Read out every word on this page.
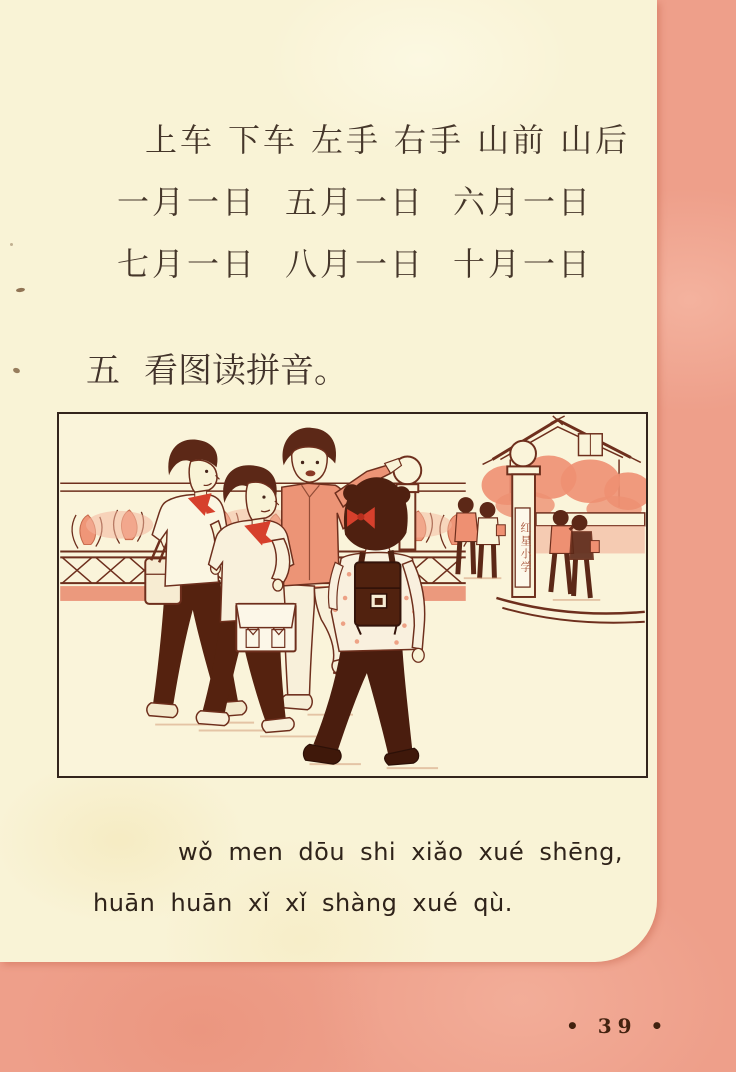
上车 下车 左手 右手 山前 山后
一月一日 五月一日 六月一日
七月一日 八月一日 十月一日
五 看图读拼音。
红星小学
wǒ men dōu shi xiǎo xué shēng,
huān huān xǐ xǐ shàng xué qù.
• 39 •
